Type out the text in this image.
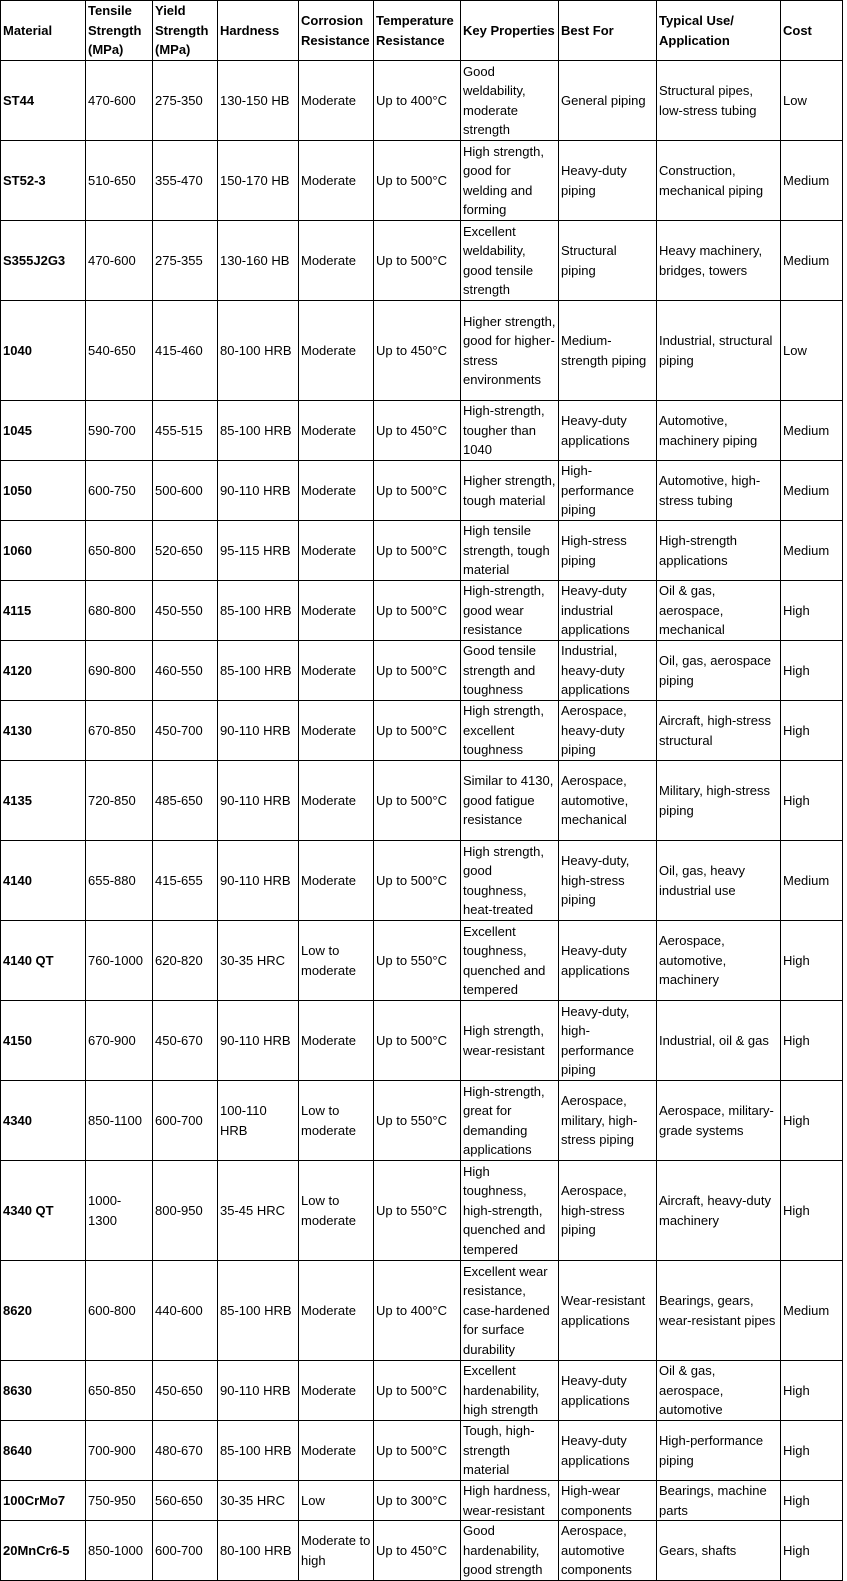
Material	Tensile Strength (MPa)	Yield Strength (MPa)	Hardness	Corrosion Resistance	Temperature Resistance	Key Properties	Best For	Typical Use/ Application	Cost
ST44	470-600	275-350	130-150 HB	Moderate	Up to 400°C	Good weldability, moderate strength	General piping	Structural pipes, low-stress tubing	Low
ST52-3	510-650	355-470	150-170 HB	Moderate	Up to 500°C	High strength, good for welding and forming	Heavy-duty piping	Construction, mechanical piping	Medium
S355J2G3	470-600	275-355	130-160 HB	Moderate	Up to 500°C	Excellent weldability, good tensile strength	Structural piping	Heavy machinery, bridges, towers	Medium
1040	540-650	415-460	80-100 HRB	Moderate	Up to 450°C	Higher strength, good for higher-stress environments	Medium-strength piping	Industrial, structural piping	Low
1045	590-700	455-515	85-100 HRB	Moderate	Up to 450°C	High-strength, tougher than 1040	Heavy-duty applications	Automotive, machinery piping	Medium
1050	600-750	500-600	90-110 HRB	Moderate	Up to 500°C	Higher strength, tough material	High-performance piping	Automotive, high-stress tubing	Medium
1060	650-800	520-650	95-115 HRB	Moderate	Up to 500°C	High tensile strength, tough material	High-stress piping	High-strength applications	Medium
4115	680-800	450-550	85-100 HRB	Moderate	Up to 500°C	High-strength, good wear resistance	Heavy-duty industrial applications	Oil & gas, aerospace, mechanical	High
4120	690-800	460-550	85-100 HRB	Moderate	Up to 500°C	Good tensile strength and toughness	Industrial, heavy-duty applications	Oil, gas, aerospace piping	High
4130	670-850	450-700	90-110 HRB	Moderate	Up to 500°C	High strength, excellent toughness	Aerospace, heavy-duty piping	Aircraft, high-stress structural	High
4135	720-850	485-650	90-110 HRB	Moderate	Up to 500°C	Similar to 4130, good fatigue resistance	Aerospace, automotive, mechanical	Military, high-stress piping	High
4140	655-880	415-655	90-110 HRB	Moderate	Up to 500°C	High strength, good toughness, heat-treated	Heavy-duty, high-stress piping	Oil, gas, heavy industrial use	Medium
4140 QT	760-1000	620-820	30-35 HRC	Low to moderate	Up to 550°C	Excellent toughness, quenched and tempered	Heavy-duty applications	Aerospace, automotive, machinery	High
4150	670-900	450-670	90-110 HRB	Moderate	Up to 500°C	High strength, wear-resistant	Heavy-duty, high-performance piping	Industrial, oil & gas	High
4340	850-1100	600-700	100-110 HRB	Low to moderate	Up to 550°C	High-strength, great for demanding applications	Aerospace, military, high-stress piping	Aerospace, military-grade systems	High
4340 QT	1000-1300	800-950	35-45 HRC	Low to moderate	Up to 550°C	High toughness, high-strength, quenched and tempered	Aerospace, high-stress piping	Aircraft, heavy-duty machinery	High
8620	600-800	440-600	85-100 HRB	Moderate	Up to 400°C	Excellent wear resistance, case-hardened for surface durability	Wear-resistant applications	Bearings, gears, wear-resistant pipes	Medium
8630	650-850	450-650	90-110 HRB	Moderate	Up to 500°C	Excellent hardenability, high strength	Heavy-duty applications	Oil & gas, aerospace, automotive	High
8640	700-900	480-670	85-100 HRB	Moderate	Up to 500°C	Tough, high-strength material	Heavy-duty applications	High-performance piping	High
100CrMo7	750-950	560-650	30-35 HRC	Low	Up to 300°C	High hardness, wear-resistant	High-wear components	Bearings, machine parts	High
20MnCr6-5	850-1000	600-700	80-100 HRB	Moderate to high	Up to 450°C	Good hardenability, good strength	Aerospace, automotive components	Gears, shafts	High
